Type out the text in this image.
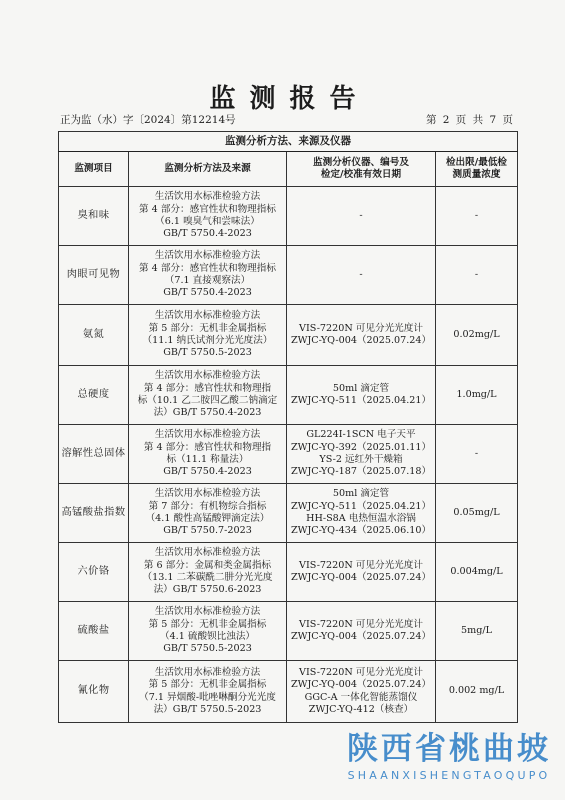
监测报告
正为监（水）字〔2024〕第12214号	第 2 页 共 7 页
监测分析方法、来源及仪器			
监测项目	监测分析方法及来源	监测分析仪器、编号及
检定/校准有效日期	检出限/最低检
测质量浓度

臭和味	生活饮用水标准检验方法
第 4 部分：感官性状和物理指标
（6.1 嗅臭气和尝味法）
GB/T 5750.4-2023	-	-
肉眼可见物	生活饮用水标准检验方法
第 4 部分：感官性状和物理指标
（7.1 直接观察法）
GB/T 5750.4-2023	-	-
氨氮	生活饮用水标准检验方法
第 5 部分：无机非金属指标
（11.1 纳氏试剂分光光度法）
GB/T 5750.5-2023	VIS-7220N 可见分光光度计
ZWJC-YQ-004（2025.07.24）	0.02mg/L
总硬度	生活饮用水标准检验方法
第 4 部分：感官性状和物理指
标（10.1 乙二胺四乙酸二钠滴定
法）GB/T 5750.4-2023	50ml 滴定管
ZWJC-YQ-511（2025.04.21）	1.0mg/L
溶解性总固体	生活饮用水标准检验方法
第 4 部分：感官性状和物理指
标（11.1 称量法）
GB/T 5750.4-2023	GL224I-1SCN 电子天平
ZWJC-YQ-392（2025.01.11）
YS-2 远红外干燥箱
ZWJC-YQ-187（2025.07.18）	-
高锰酸盐指数	生活饮用水标准检验方法
第 7 部分：有机物综合指标
（4.1 酸性高锰酸钾滴定法）
GB/T 5750.7-2023	50ml 滴定管
ZWJC-YQ-511（2025.04.21）
HH-S8A 电热恒温水浴锅
ZWJC-YQ-434（2025.06.10）	0.05mg/L
六价铬	生活饮用水标准检验方法
第 6 部分：金属和类金属指标
（13.1 二苯碳酰二肼分光光度
法）GB/T 5750.6-2023	VIS-7220N 可见分光光度计
ZWJC-YQ-004（2025.07.24）	0.004mg/L
硫酸盐	生活饮用水标准检验方法
第 5 部分：无机非金属指标
（4.1 硫酸钡比浊法）
GB/T 5750.5-2023	VIS-7220N 可见分光光度计
ZWJC-YQ-004（2025.07.24）	5mg/L
氰化物	生活饮用水标准检验方法
第 5 部分：无机非金属指标
（7.1 异烟酸-吡唑啉酮分光光度
法）GB/T 5750.5-2023	VIS-7220N 可见分光光度计
ZWJC-YQ-004（2025.07.24）
GGC-A 一体化智能蒸馏仪
ZWJC-YQ-412（核查）	0.002 mg/L
陕西省桃曲坡
SHAANXISHENGTAOQUPO
